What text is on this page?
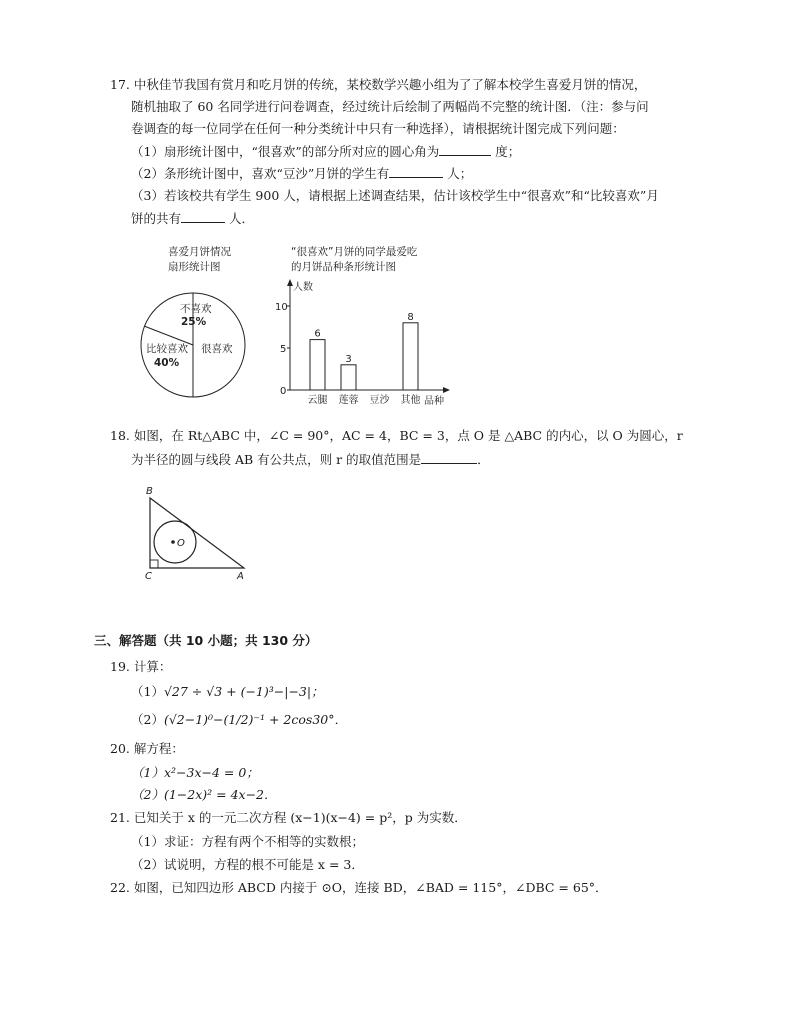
17. 中秋佳节我国有赏月和吃月饼的传统，某校数学兴趣小组为了了解本校学生喜爱月饼的情况，
随机抽取了 60 名同学进行问卷调查，经过统计后绘制了两幅尚不完整的统计图．（注：参与问
卷调查的每一位同学在任何一种分类统计中只有一种选择），请根据统计图完成下列问题：
（1）扇形统计图中，“很喜欢”的部分所对应的圆心角为	度；
（2）条形统计图中，喜欢“豆沙”月饼的学生有	人；
（3）若该校共有学生 900 人，请根据上述调查结果，估计该校学生中“很喜欢”和“比较喜欢”月
饼的共有	人．
喜爱月饼情况
扇形统计图
不喜欢
25%
比较喜欢
40%
很喜欢
“很喜欢”月饼的同学最爱吃
的月饼品种条形统计图
0
5
10
6
云腿
3
莲蓉 豆沙
8
其他
人数
品种
18. 如图，在 Rt△ABC 中，∠C = 90°，AC = 4，BC = 3，点 O 是 △ABC 的内心，以 O 为圆心，r
为半径的圆与线段 AB 有公共点，则 r 的取值范围是	．
B
C	A
O
三、解答题（共 10 小题；共 130 分）
19. 计算：
（1）√27 ÷ √3 + (−1)³−|−3|；
（2）(√2−1)⁰−(1/2)⁻¹ + 2cos30°．
20. 解方程：
（1）x²−3x−4 = 0；
（2）(1−2x)² = 4x−2．
21. 已知关于 x 的一元二次方程 (x−1)(x−4) = p²，p 为实数．
（1）求证：方程有两个不相等的实数根；
（2）试说明，方程的根不可能是 x = 3．
22. 如图，已知四边形 ABCD 内接于 ⊙O，连接 BD，∠BAD = 115°，∠DBC = 65°．
